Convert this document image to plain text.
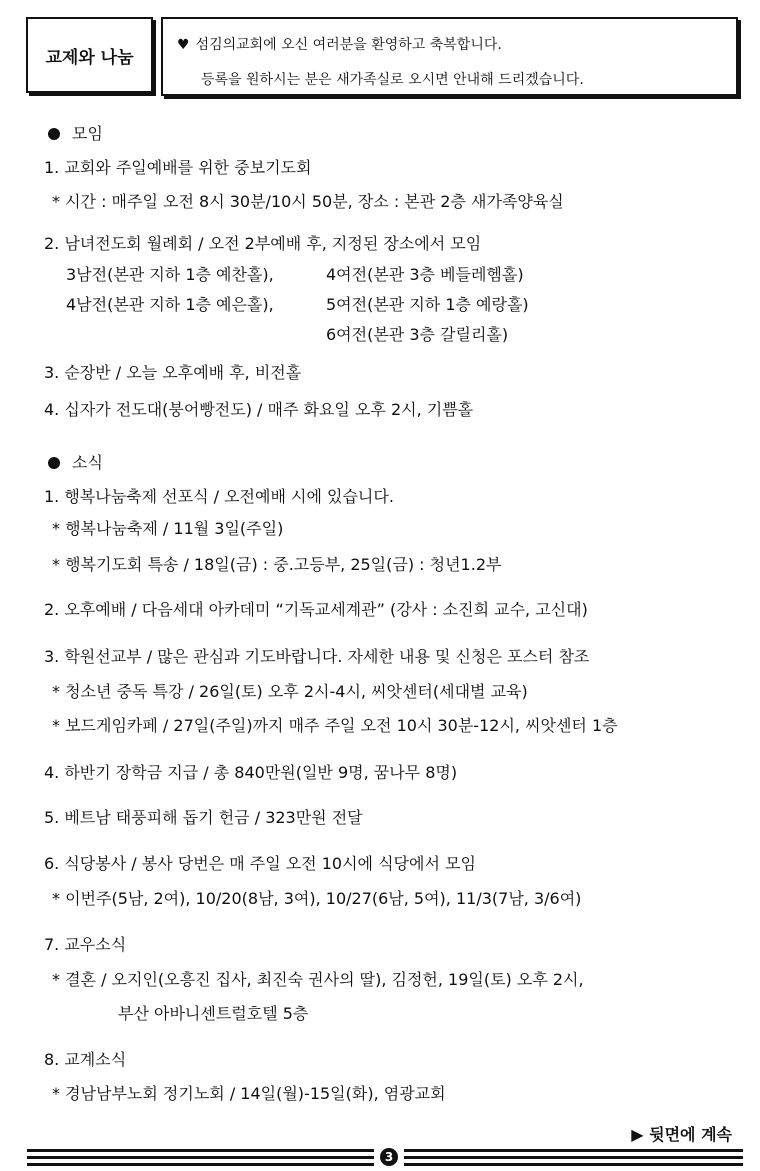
교제와 나눔
♥ 섬김의교회에 오신 여러분을 환영하고 축복합니다.
등록을 원하시는 분은 새가족실로 오시면 안내해 드리겠습니다.
모임
1. 교회와 주일예배를 위한 중보기도회
* 시간 : 매주일 오전 8시 30분/10시 50분, 장소 : 본관 2층 새가족양육실
2. 남녀전도회 월례회 / 오전 2부예배 후, 지정된 장소에서 모임
3남전(본관 지하 1층 예찬홀),	4여전(본관 3층 베들레헴홀)
4남전(본관 지하 1층 예은홀),	5여전(본관 지하 1층 예랑홀)
6여전(본관 3층 갈릴리홀)
3. 순장반 / 오늘 오후예배 후, 비전홀
4. 십자가 전도대(붕어빵전도) / 매주 화요일 오후 2시, 기쁨홀
소식
1. 행복나눔축제 선포식 / 오전예배 시에 있습니다.
* 행복나눔축제 / 11월 3일(주일)
* 행복기도회 특송 / 18일(금) : 중.고등부, 25일(금) : 청년1.2부
2. 오후예배 / 다음세대 아카데미 “기독교세계관” (강사 : 소진희 교수, 고신대)
3. 학원선교부 / 많은 관심과 기도바랍니다. 자세한 내용 및 신청은 포스터 참조
* 청소년 중독 특강 / 26일(토) 오후 2시-4시, 씨앗센터(세대별 교육)
* 보드게임카페 / 27일(주일)까지 매주 주일 오전 10시 30분-12시, 씨앗센터 1층
4. 하반기 장학금 지급 / 총 840만원(일반 9명, 꿈나무 8명)
5. 베트남 태풍피해 돕기 헌금 / 323만원 전달
6. 식당봉사 / 봉사 당번은 매 주일 오전 10시에 식당에서 모임
* 이번주(5남, 2여), 10/20(8남, 3여), 10/27(6남, 5여), 11/3(7남, 3/6여)
7. 교우소식
* 결혼 / 오지인(오흥진 집사, 최진숙 권사의 딸), 김정헌, 19일(토) 오후 2시,
부산 아바니센트럴호텔 5층
8. 교계소식
* 경남남부노회 정기노회 / 14일(월)-15일(화), 염광교회
▶ 뒷면에 계속
3
